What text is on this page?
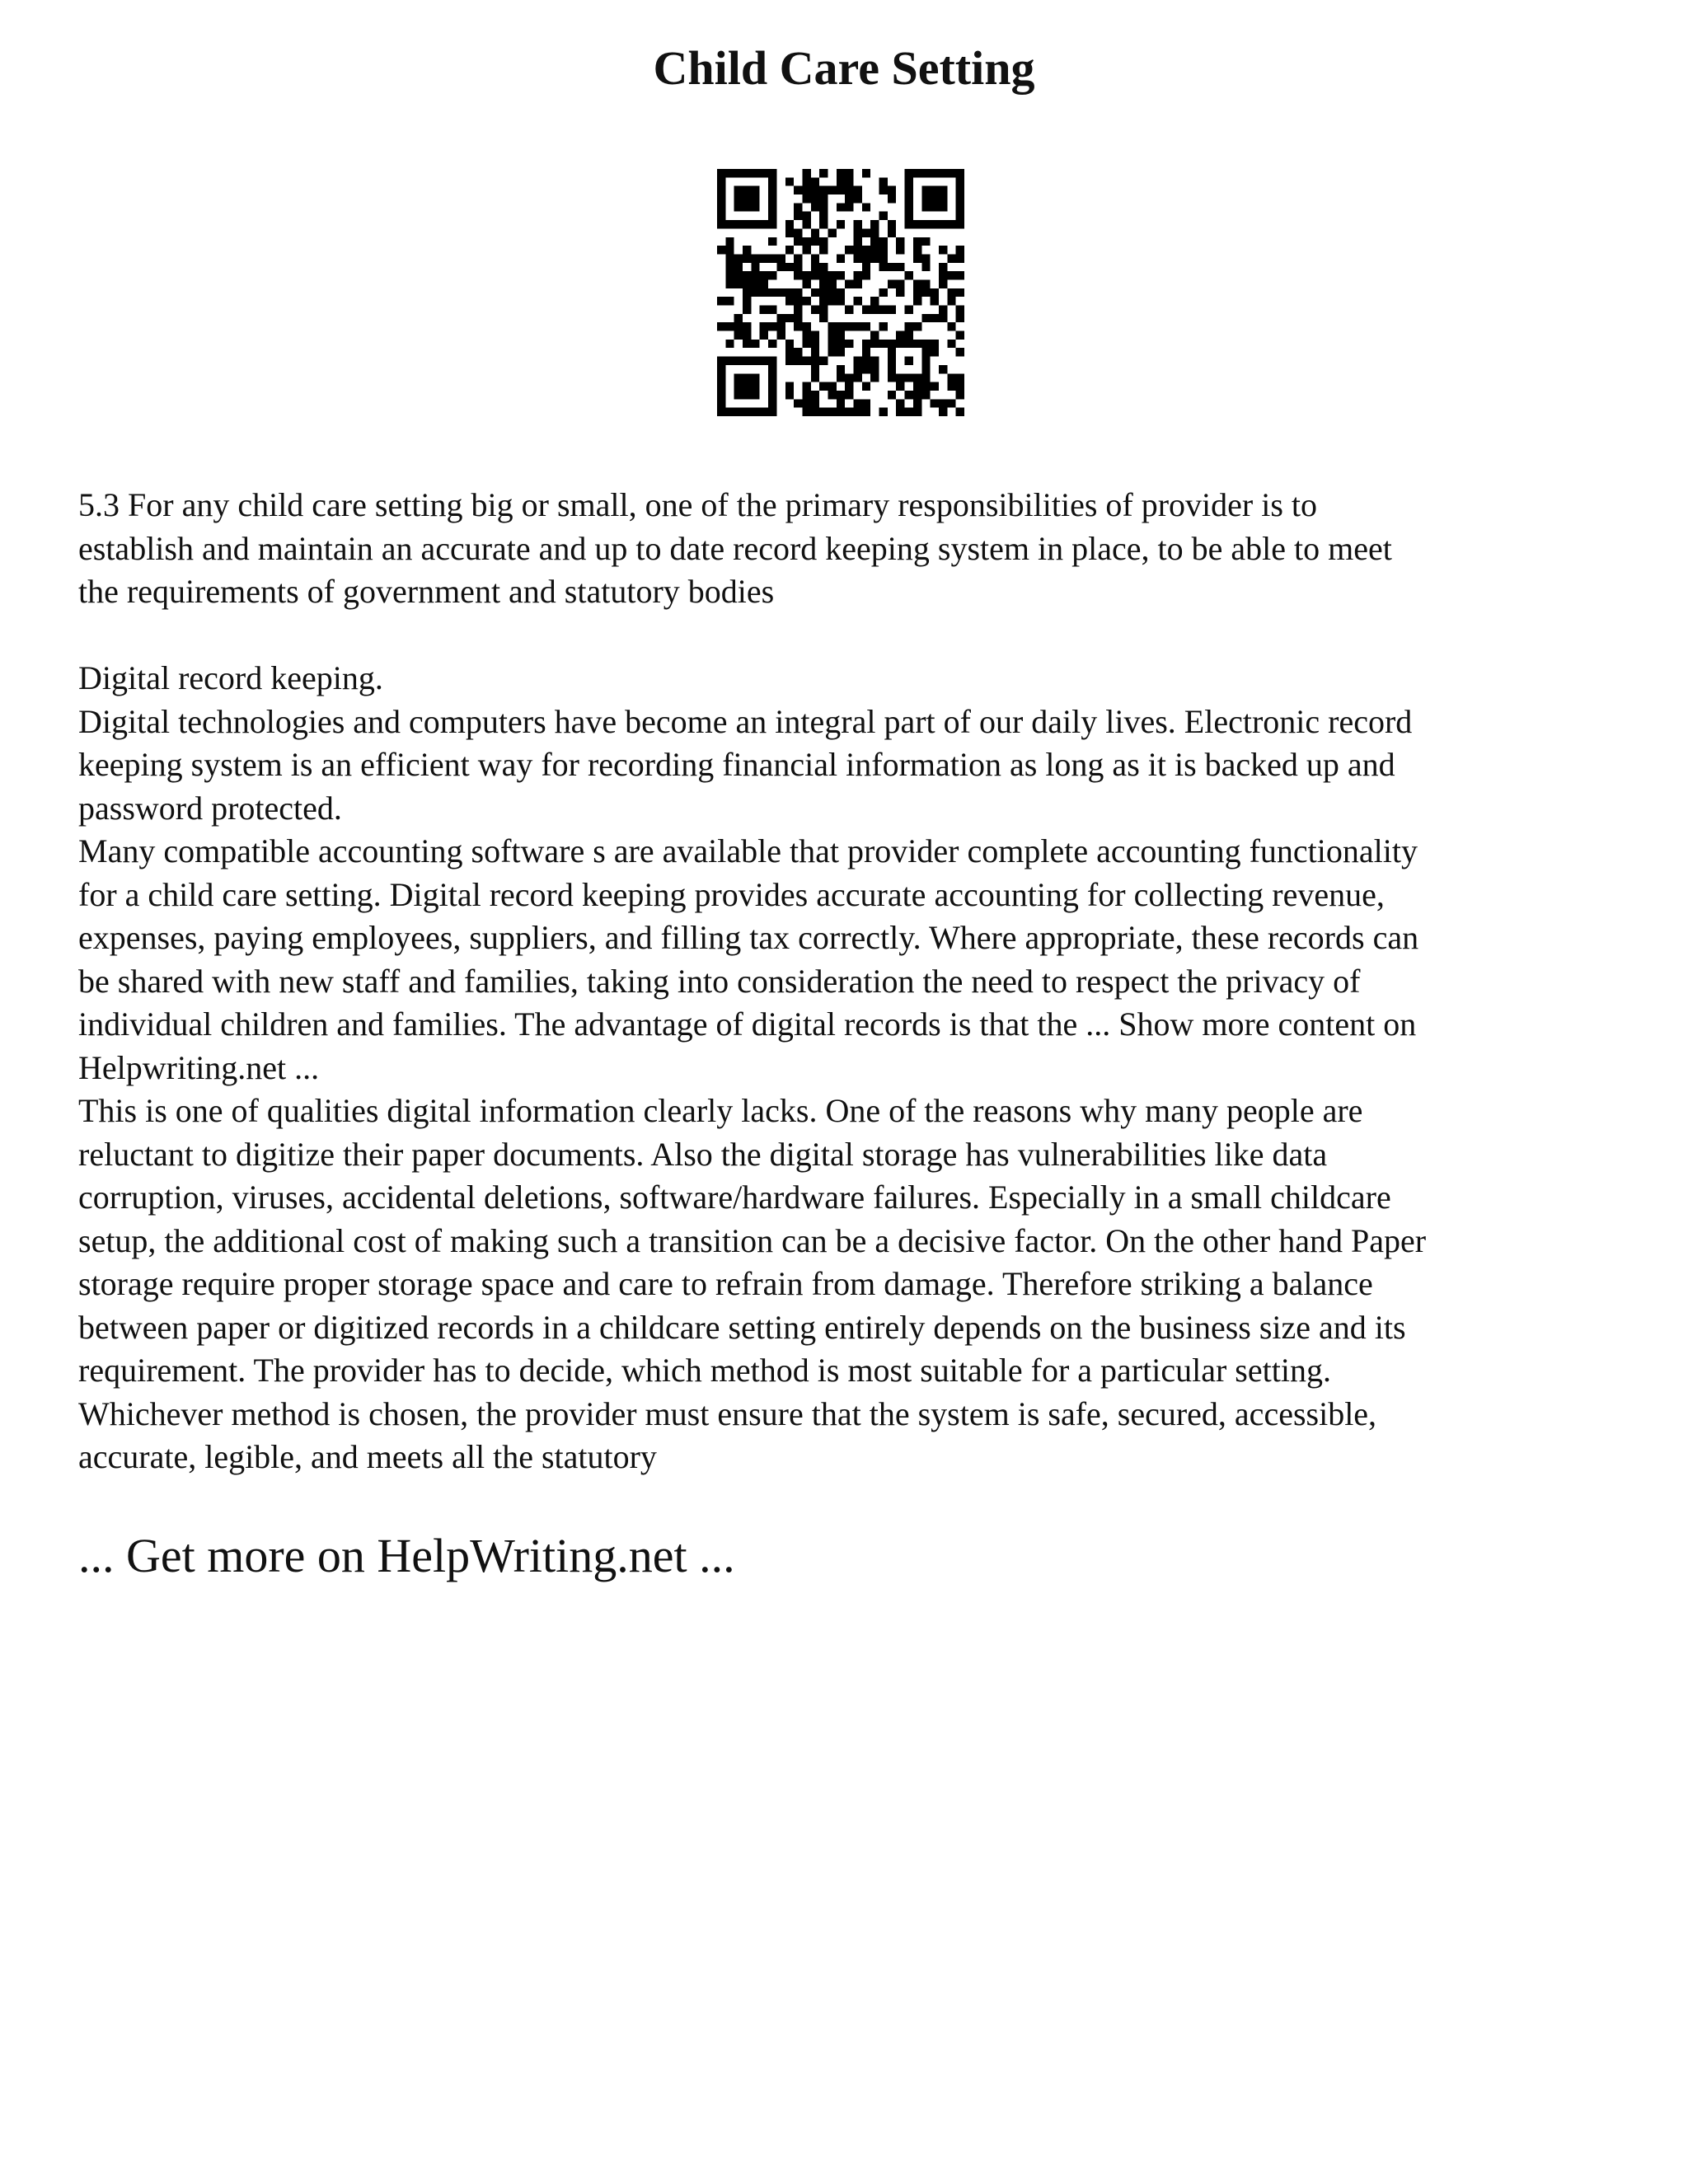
Child Care Setting

5.3 For any child care setting big or small, one of the primary responsibilities of provider is to
establish and maintain an accurate and up to date record keeping system in place, to be able to meet
the requirements of government and statutory bodies

Digital record keeping.
Digital technologies and computers have become an integral part of our daily lives. Electronic record
keeping system is an efficient way for recording financial information as long as it is backed up and
password protected.
Many compatible accounting software s are available that provider complete accounting functionality
for a child care setting. Digital record keeping provides accurate accounting for collecting revenue,
expenses, paying employees, suppliers, and filling tax correctly. Where appropriate, these records can
be shared with new staff and families, taking into consideration the need to respect the privacy of
individual children and families. The advantage of digital records is that the ... Show more content on
Helpwriting.net ...
This is one of qualities digital information clearly lacks. One of the reasons why many people are
reluctant to digitize their paper documents. Also the digital storage has vulnerabilities like data
corruption, viruses, accidental deletions, software/hardware failures. Especially in a small childcare
setup, the additional cost of making such a transition can be a decisive factor. On the other hand Paper
storage require proper storage space and care to refrain from damage. Therefore striking a balance
between paper or digitized records in a childcare setting entirely depends on the business size and its
requirement. The provider has to decide, which method is most suitable for a particular setting.
Whichever method is chosen, the provider must ensure that the system is safe, secured, accessible,
accurate, legible, and meets all the statutory

... Get more on HelpWriting.net ...
